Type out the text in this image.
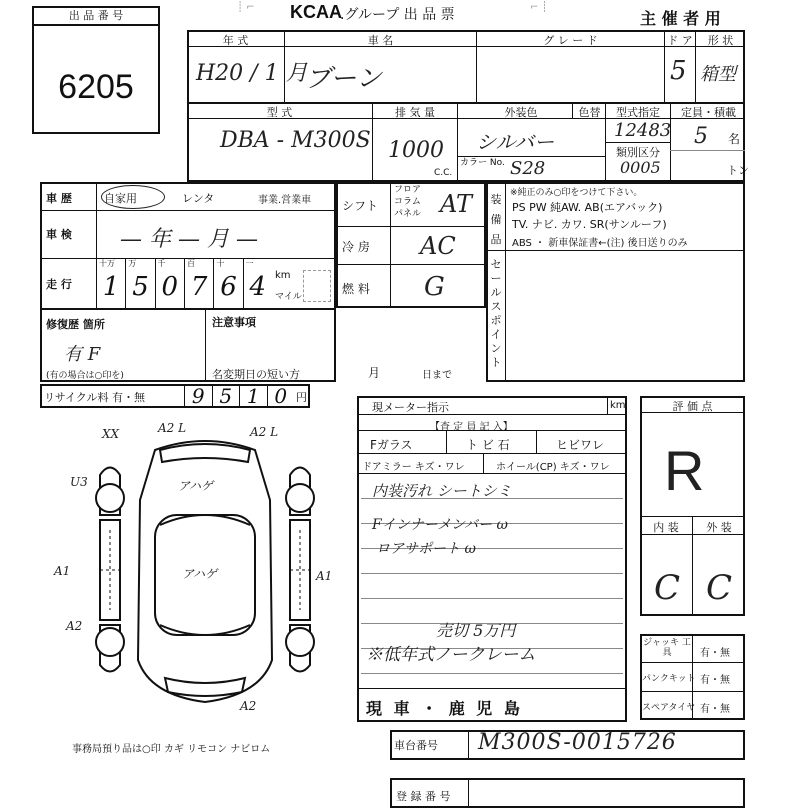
出 品 番 号
6205
┊ ⌐ KCAA
.グループ 出 品 票	⌐ ┊
主 催 者 用
年 式
H20 / 1 月
車 名
ブーン
グ レ ー ド	ド ア
5
形 状
箱型
型 式
DBA - M300S
排 気 量
1000
C.C.
外装色	色替
シルバー
カラー No. S28
型式指定
12483
類別区分
0005
定員・積載
5 名
トン
車 歴	自家用	レンタ	事業.営業車
車 検 — 年 — 月 —
走 行
十万
1
万
5
千
0
百
7
十
6
一
4 km
マイル
修復歴 箇所
有 F
(有の場合は○印を)
注意事項
名変期日の短い方	月	日まで
シフト
フロア コラム パネル AT
冷 房 AC
燃 料 G
装 備 品
※純正のみ○印をつけて下さい。
PS PW 純AW. AB(エアバック)
TV. ナビ. カワ. SR(サンルーフ)
ABS ・ 新車保証書←(注) 後日送りのみ
セールスポイント
リサイクル料 有・無	9 5 1 0 円
現メーター指示	km
【査 定 員 記 入】
Fガラス	ト ビ 石	ヒビワレ
ドアミラー キズ・ワレ	ホイール(CP) キズ・ワレ
内装汚れ シートシミ
Fインナーメンバー ω
ロアサポート ω
売切 5万円
※低年式ノークレーム
現 車 ・ 鹿 児 島
評 価 点
R
内 装	外 装
C C
ジャッキ 工具	有・無
パンクキット 有・無
スペアタイヤ 有・無
車台番号 M300S-0015726
登 録 番 号
XX	A2 L	A2 L
U3	アハゲ
アハゲ
A1	A1
A2
A2
事務局預り品は○印 カギ リモコン ナビロム
